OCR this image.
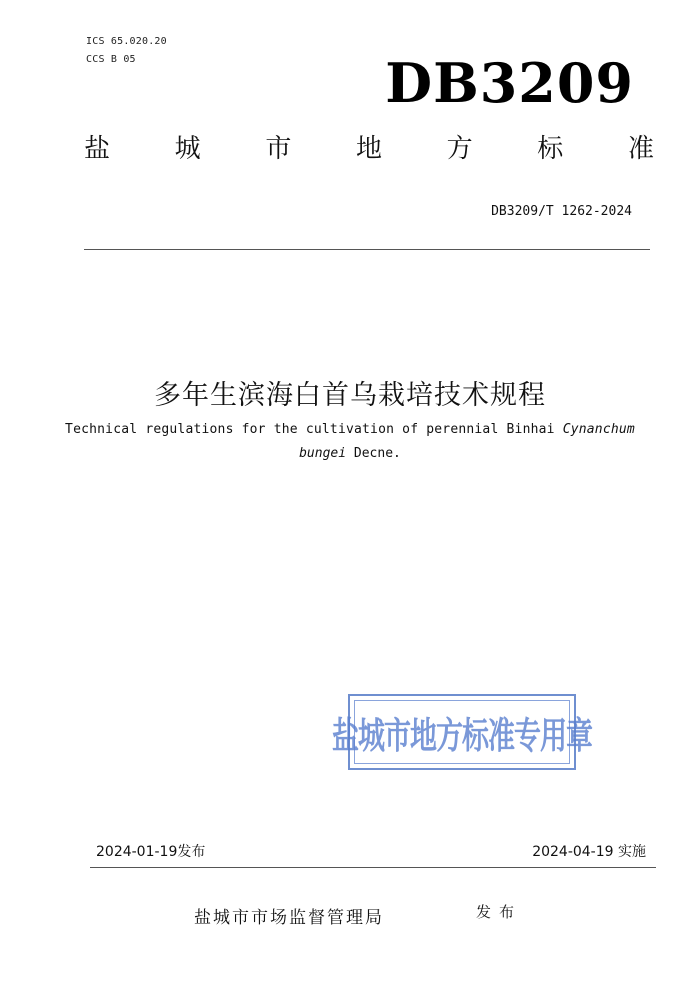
ICS 65.020.20
CCS B 05	DB3209
盐 城 市 地 方 标 准
DB3209/T 1262-2024
多年生滨海白首乌栽培技术规程
Technical regulations for the cultivation of perennial Binhai Cynanchum
bungei Decne.
盐城市地方标准专用章
2024-01-19发布	2024-04-19 实施
盐城市市场监督管理局	发布
